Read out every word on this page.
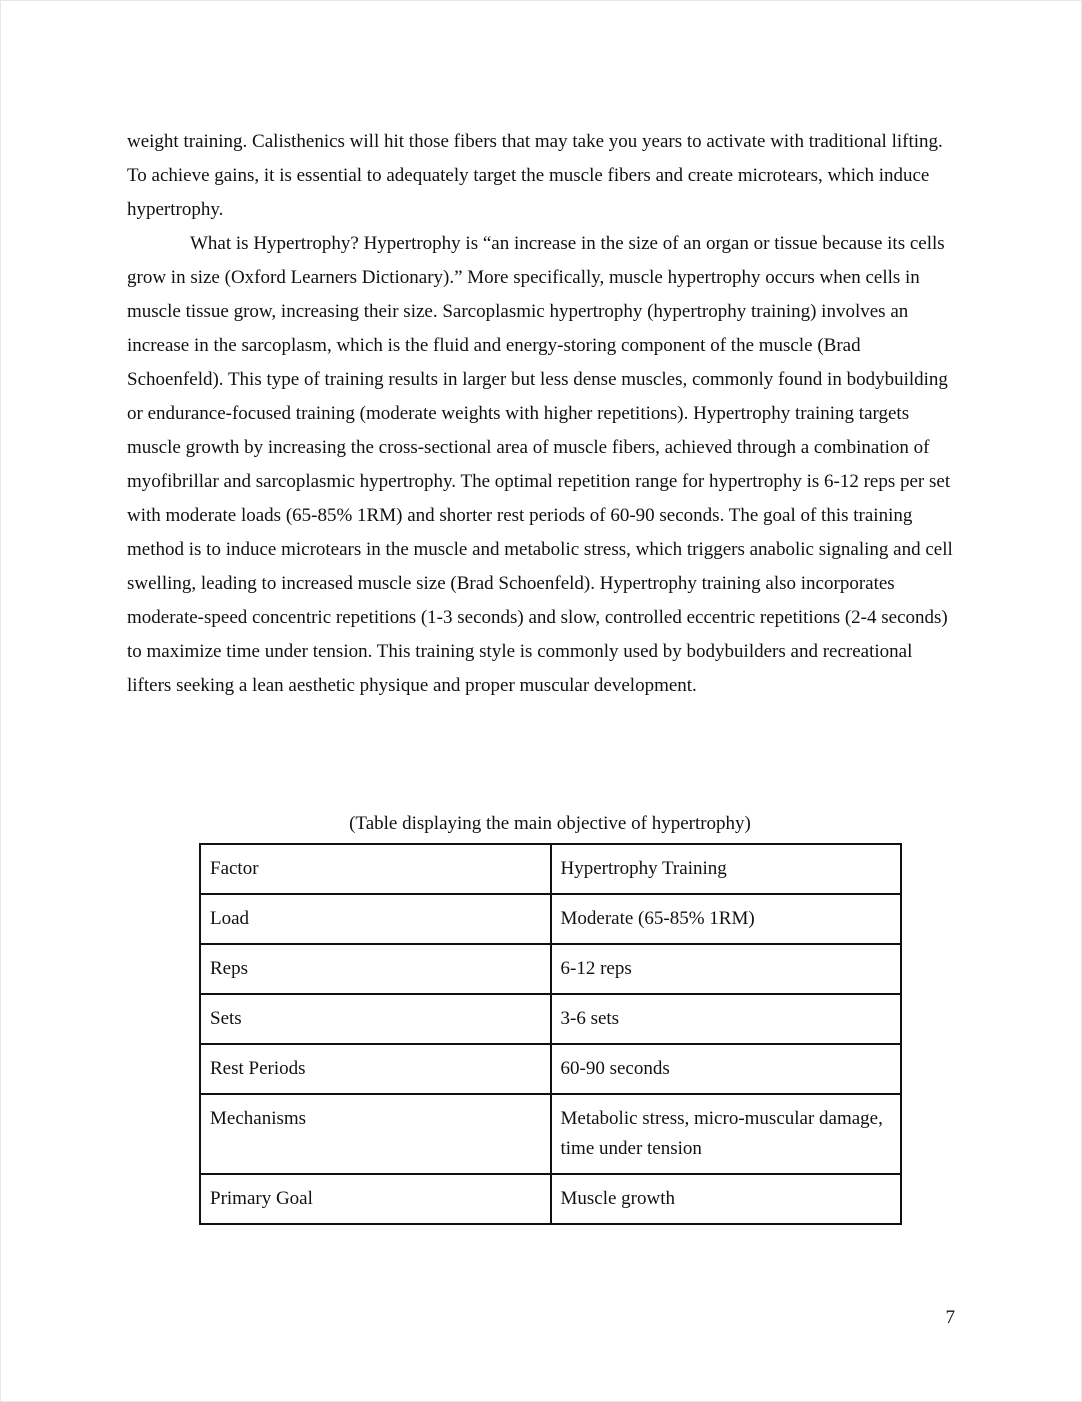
weight training. Calisthenics will hit those fibers that may take you years to activate with traditional lifting. To achieve gains, it is essential to adequately target the muscle fibers and create microtears, which induce hypertrophy.

What is Hypertrophy? Hypertrophy is “an increase in the size of an organ or tissue because its cells grow in size (Oxford Learners Dictionary).” More specifically, muscle hypertrophy occurs when cells in muscle tissue grow, increasing their size. Sarcoplasmic hypertrophy (hypertrophy training) involves an increase in the sarcoplasm, which is the fluid and energy-storing component of the muscle (Brad Schoenfeld). This type of training results in larger but less dense muscles, commonly found in bodybuilding or endurance-focused training (moderate weights with higher repetitions). Hypertrophy training targets muscle growth by increasing the cross-sectional area of muscle fibers, achieved through a combination of myofibrillar and sarcoplasmic hypertrophy. The optimal repetition range for hypertrophy is 6-12 reps per set with moderate loads (65-85% 1RM) and shorter rest periods of 60-90 seconds. The goal of this training method is to induce microtears in the muscle and metabolic stress, which triggers anabolic signaling and cell swelling, leading to increased muscle size (Brad Schoenfeld). Hypertrophy training also incorporates moderate-speed concentric repetitions (1-3 seconds) and slow, controlled eccentric repetitions (2-4 seconds) to maximize time under tension. This training style is commonly used by bodybuilders and recreational lifters seeking a lean aesthetic physique and proper muscular development.

(Table displaying the main objective of hypertrophy)
Factor	Hypertrophy Training
Load	Moderate (65-85% 1RM)
Reps	6-12 reps
Sets	3-6 sets
Rest Periods	60-90 seconds
Mechanisms	Metabolic stress, micro-muscular damage, time under tension
Primary Goal	Muscle growth
7
